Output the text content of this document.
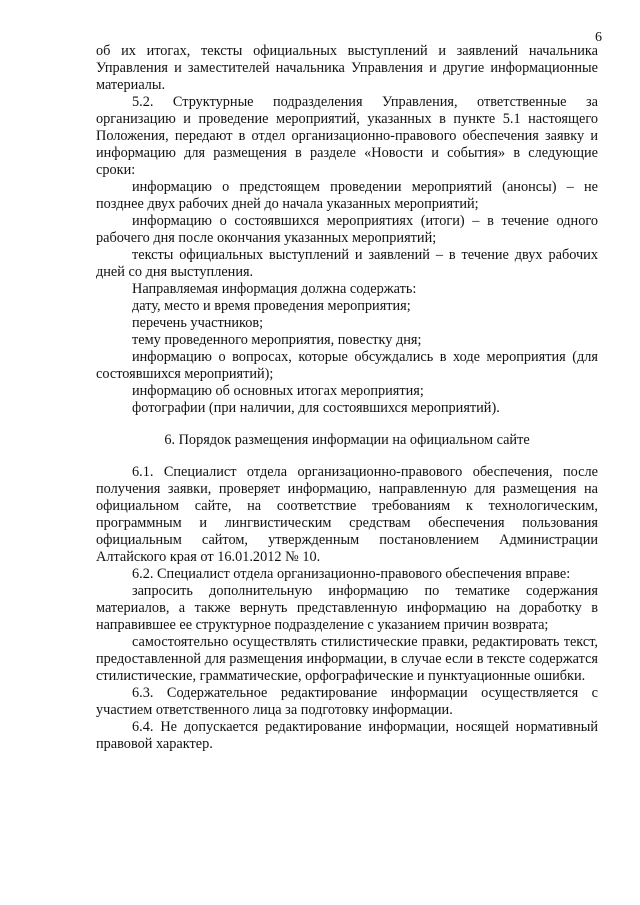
6

об их итогах, тексты официальных выступлений и заявлений начальника Управления и заместителей начальника Управления и другие информационные материалы.

5.2. Структурные подразделения Управления, ответственные за организацию и проведение мероприятий, указанных в пункте 5.1 настоящего Положения, передают в отдел организационно-правового обеспечения заявку и информацию для размещения в разделе «Новости и события» в следующие сроки:

информацию о предстоящем проведении мероприятий (анонсы) – не позднее двух рабочих дней до начала указанных мероприятий;

информацию о состоявшихся мероприятиях (итоги) – в течение одного рабочего дня после окончания указанных мероприятий;

тексты официальных выступлений и заявлений – в течение двух рабочих дней со дня выступления.

Направляемая информация должна содержать:

дату, место и время проведения мероприятия;

перечень участников;

тему проведенного мероприятия, повестку дня;

информацию о вопросах, которые обсуждались в ходе мероприятия (для состоявшихся мероприятий);

информацию об основных итогах мероприятия;

фотографии (при наличии, для состоявшихся мероприятий).

6. Порядок размещения информации на официальном сайте

6.1. Специалист отдела организационно-правового обеспечения, после получения заявки, проверяет информацию, направленную для размещения на официальном сайте, на соответствие требованиям к технологическим, программным и лингвистическим средствам обеспечения пользования официальным сайтом, утвержденным постановлением Администрации Алтайского края от 16.01.2012 № 10.

6.2. Специалист отдела организационно-правового обеспечения вправе:

запросить дополнительную информацию по тематике содержания материалов, а также вернуть представленную информацию на доработку в направившее ее структурное подразделение с указанием причин возврата;

самостоятельно осуществлять стилистические правки, редактировать текст, предоставленной для размещения информации, в случае если в тексте содержатся стилистические, грамматические, орфографические и пунктуационные ошибки.

6.3. Содержательное редактирование информации осуществляется с участием ответственного лица за подготовку информации.

6.4. Не допускается редактирование информации, носящей нормативный правовой характер.
